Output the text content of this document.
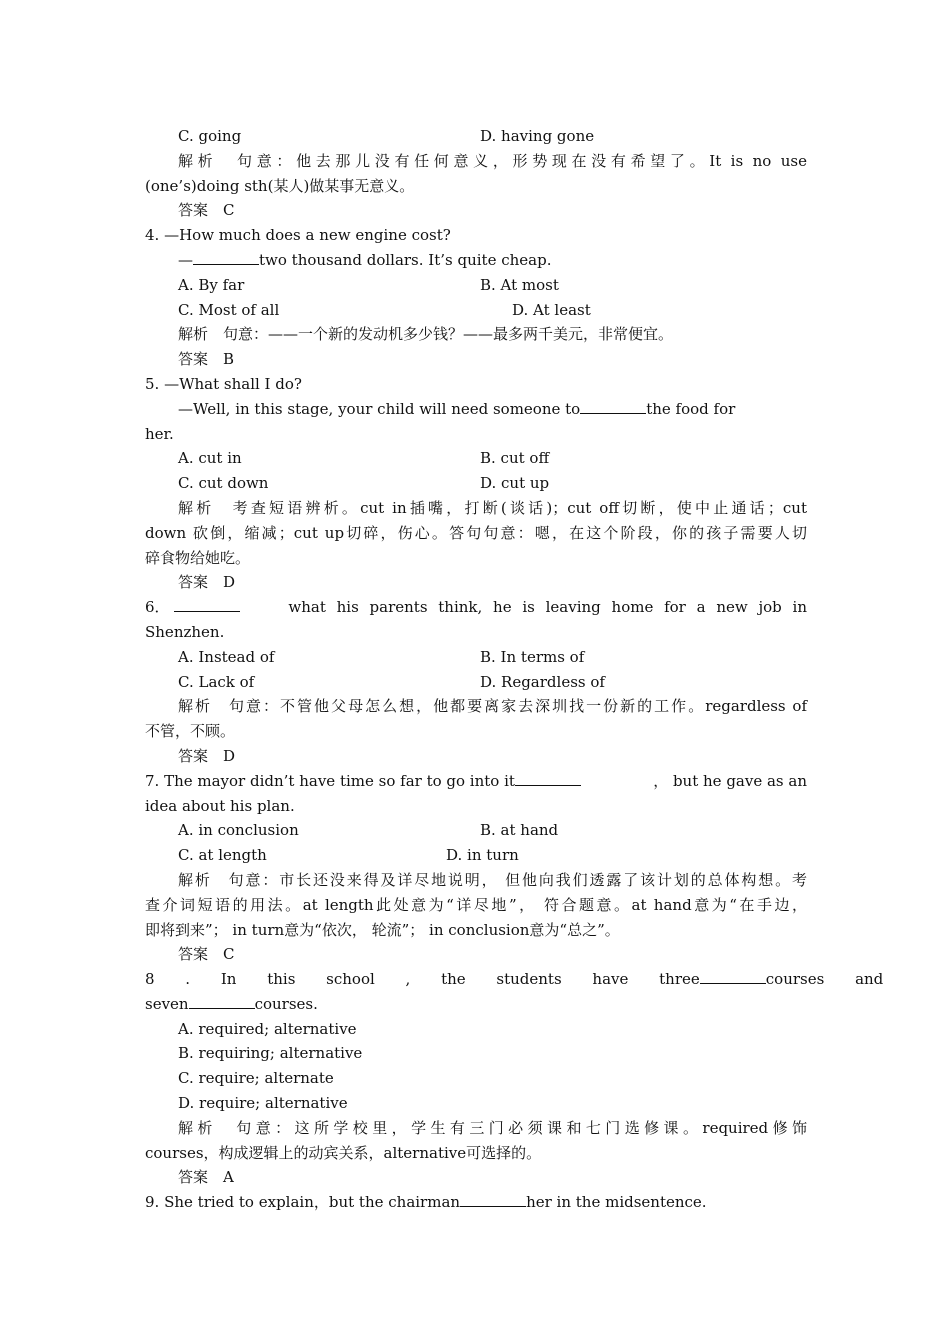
C. going	D. having gone
解析　句意：他去那儿没有任何意义，形势现在没有希望了。It is no use
(one’s)doing sth(某人)做某事无意义。
答案　C
4. —How much does a new engine cost?
—	two thousand dollars. It’s quite cheap.
A. By far	B. At most
C. Most of all	D. At least
解析　句意：——一个新的发动机多少钱？——最多两千美元，非常便宜。
答案　B
5. —What shall I do?
—Well, in this stage, your child will need someone to	the food for
her.
A. cut in	B. cut off
C. cut down	D. cut up
解析　考查短语辨析。cut in插嘴，打断(谈话)；cut off切断，使中止通话；cut
down 砍倒，缩减；cut up切碎，伤心。答句句意：嗯，在这个阶段，你的孩子需要人切
碎食物给她吃。
答案　D
6．	what his parents think, he is leaving home for a new job in
Shenzhen.
A. Instead of	B. In terms of
C. Lack of	D. Regardless of
解析　句意：不管他父母怎么想，他都要离家去深圳找一份新的工作。regardless of
不管，不顾。
答案　D
7. The mayor didn’t have time so far to go into it	， but he gave as an
idea about his plan.
A. in conclusion	B. at hand
C. at length	D. in turn
解析　句意：市长还没来得及详尽地说明， 但他向我们透露了该计划的总体构想。考
查介词短语的用法。at length此处意为“详尽地”， 符合题意。at hand意为“在手边，
即将到来”； in turn意为“依次， 轮流”； in conclusion意为“总之”。
答案　C
8 . In this school , the students have three	courses and
seven	courses.
A. required; alternative
B. requiring; alternative
C. require; alternate
D. require; alternative
解析　句意：这所学校里，学生有三门必须课和七门选修课。required修饰
courses，构成逻辑上的动宾关系，alternative可选择的。
答案　A
9. She tried to explain，but the chairman	her in the midsentence.
